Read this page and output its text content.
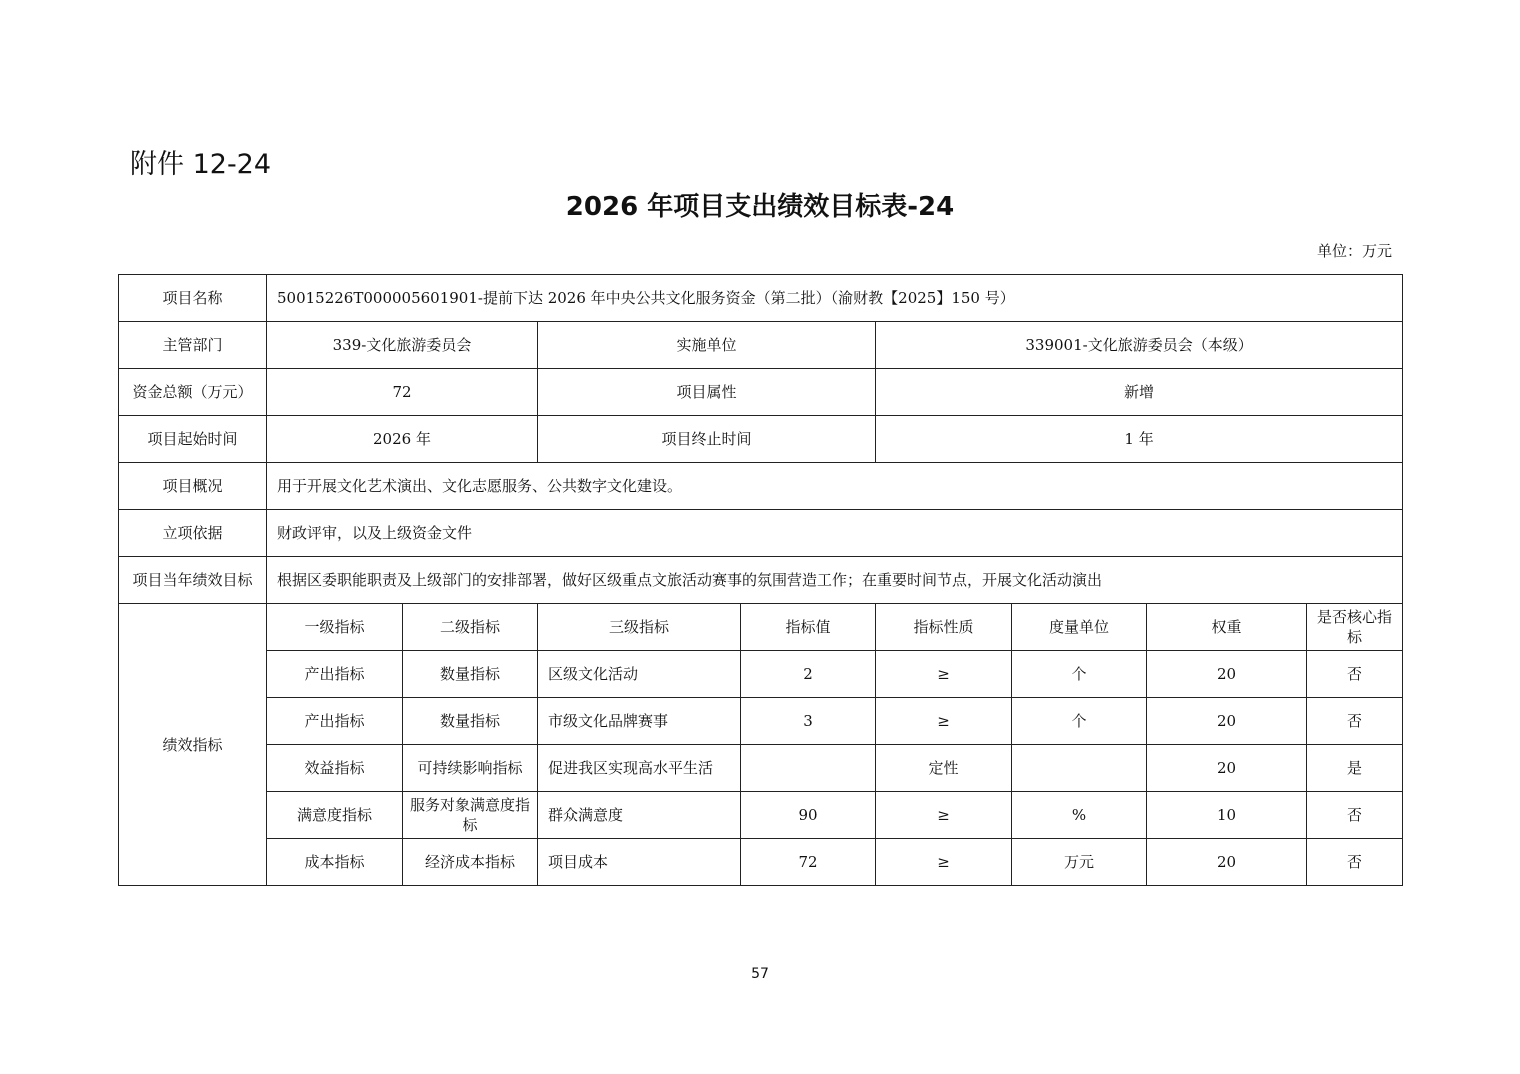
附件 12-24
2026 年项目支出绩效目标表-24
单位：万元
项目名称	50015226T000005601901-提前下达 2026 年中央公共文化服务资金（第二批）（渝财教【2025】150 号）							
主管部门	339-文化旅游委员会		实施单位		339001-文化旅游委员会（本级）			
资金总额（万元）	72		项目属性		新增			
项目起始时间	2026 年		项目终止时间		1 年			
项目概况	用于开展文化艺术演出、文化志愿服务、公共数字文化建设。							
立项依据	财政评审，以及上级资金文件							
项目当年绩效目标	根据区委职能职责及上级部门的安排部署，做好区级重点文旅活动赛事的氛围营造工作；在重要时间节点，开展文化活动演出							
绩效指标	一级指标	二级指标	三级指标	指标值	指标性质	度量单位	权重	是否核心指标
	产出指标	数量指标	区级文化活动	2	≥	个	20	否
	产出指标	数量指标	市级文化品牌赛事	3	≥	个	20	否
	效益指标	可持续影响指标	促进我区实现高水平生活		定性		20	是
	满意度指标	服务对象满意度指标	群众满意度	90	≥	%	10	否
	成本指标	经济成本指标	项目成本	72	≥	万元	20	否
57
